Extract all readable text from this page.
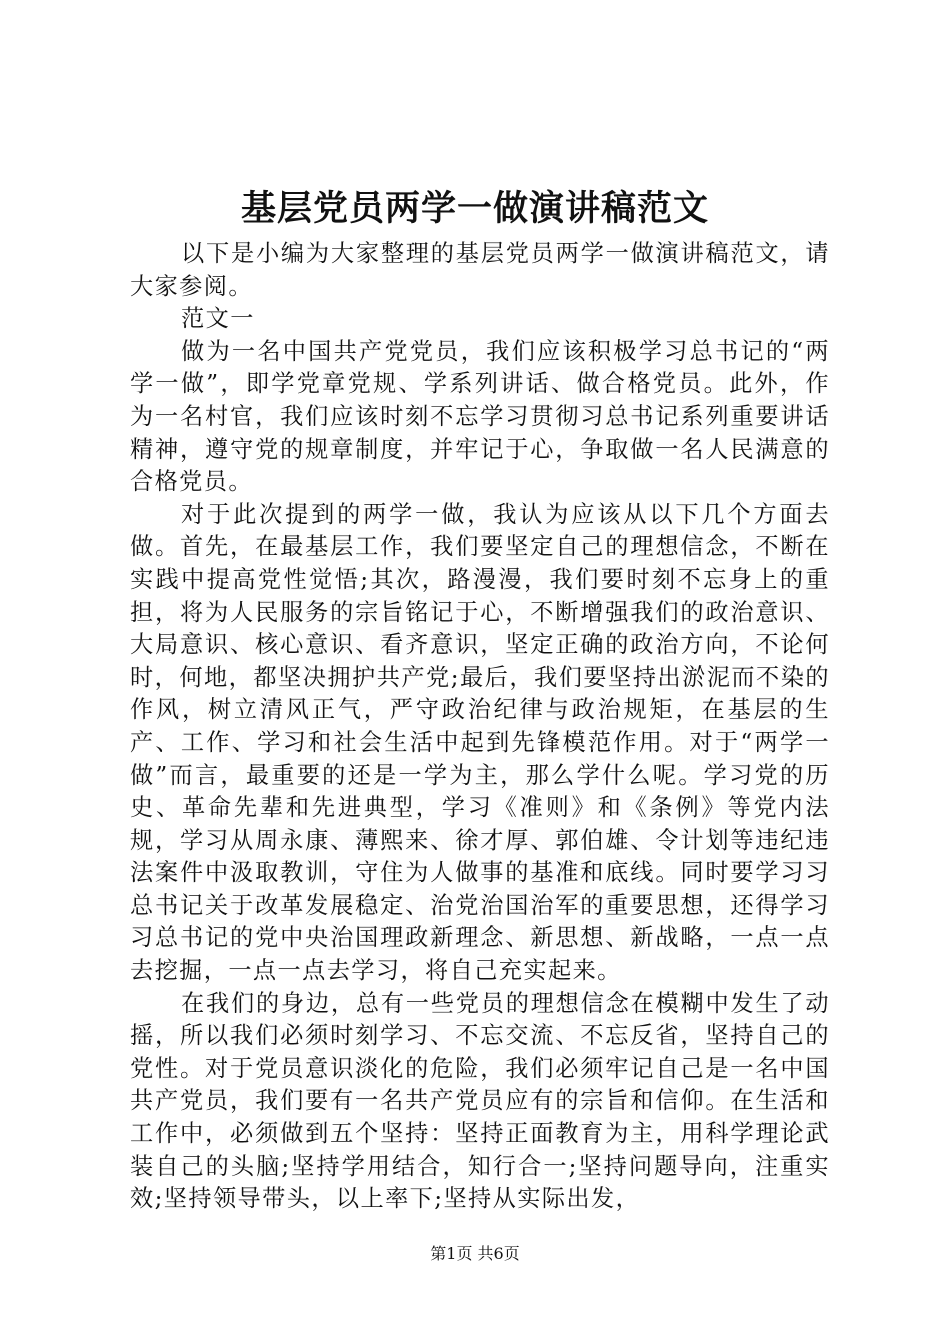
基层党员两学一做演讲稿范文

以下是小编为大家整理的基层党员两学一做演讲稿范文，请大家参阅。

范文一

做为一名中国共产党党员，我们应该积极学习总书记的“两学一做”，即学党章党规、学系列讲话、做合格党员。此外，作为一名村官，我们应该时刻不忘学习贯彻习总书记系列重要讲话精神，遵守党的规章制度，并牢记于心，争取做一名人民满意的合格党员。

对于此次提到的两学一做，我认为应该从以下几个方面去做。首先，在最基层工作，我们要坚定自己的理想信念，不断在实践中提高党性觉悟;其次，路漫漫，我们要时刻不忘身上的重担，将为人民服务的宗旨铭记于心，不断增强我们的政治意识、大局意识、核心意识、看齐意识，坚定正确的政治方向，不论何时，何地，都坚决拥护共产党;最后，我们要坚持出淤泥而不染的作风，树立清风正气，严守政治纪律与政治规矩，在基层的生产、工作、学习和社会生活中起到先锋模范作用。对于“两学一做”而言，最重要的还是一学为主，那么学什么呢。学习党的历史、革命先辈和先进典型，学习《准则》和《条例》等党内法规，学习从周永康、薄熙来、徐才厚、郭伯雄、令计划等违纪违法案件中汲取教训，守住为人做事的基准和底线。同时要学习习总书记关于改革发展稳定、治党治国治军的重要思想，还得学习习总书记的党中央治国理政新理念、新思想、新战略，一点一点去挖掘，一点一点去学习，将自己充实起来。

在我们的身边，总有一些党员的理想信念在模糊中发生了动摇，所以我们必须时刻学习、不忘交流、不忘反省，坚持自己的党性。对于党员意识淡化的危险，我们必须牢记自己是一名中国共产党员，我们要有一名共产党员应有的宗旨和信仰。在生活和工作中，必须做到五个坚持：坚持正面教育为主，用科学理论武装自己的头脑;坚持学用结合，知行合一;坚持问题导向，注重实效;坚持领导带头，以上率下;坚持从实际出发，

第1页 共6页
